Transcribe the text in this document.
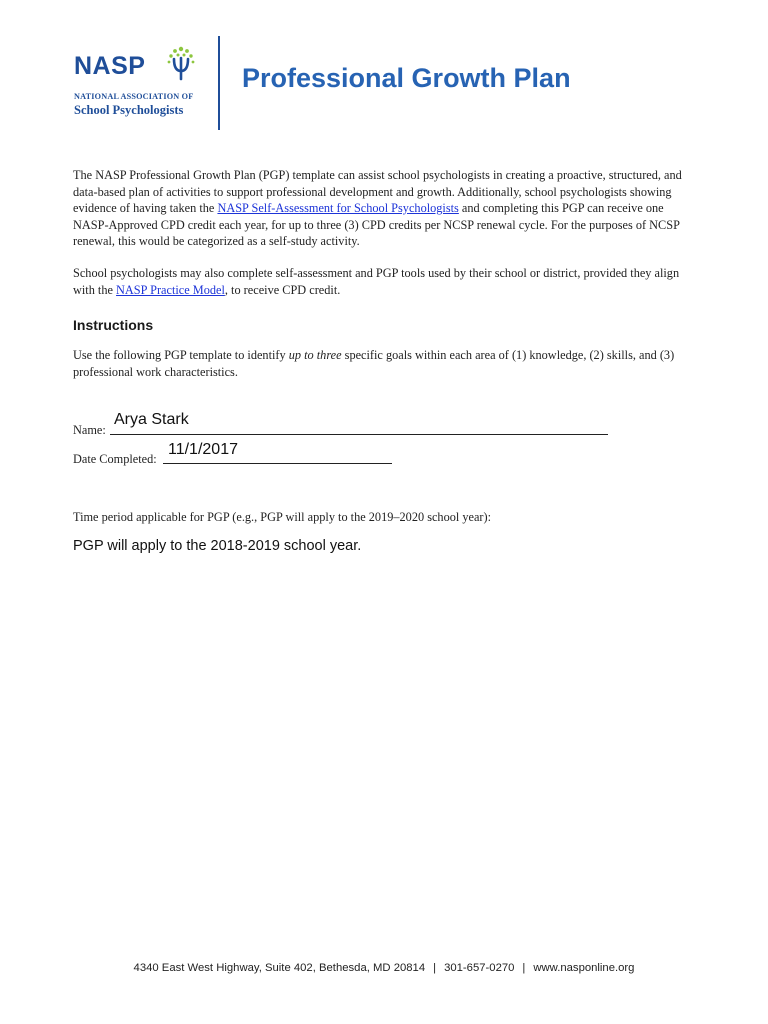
NASP
NATIONAL ASSOCIATION OF
School Psychologists
Professional Growth Plan
The NASP Professional Growth Plan (PGP) template can assist school psychologists in creating a proactive, structured, and data-based plan of activities to support professional development and growth. Additionally, school psychologists showing evidence of having taken the NASP Self-Assessment for School Psychologists and completing this PGP can receive one NASP-Approved CPD credit each year, for up to three (3) CPD credits per NCSP renewal cycle. For the purposes of NCSP renewal, this would be categorized as a self-study activity.
School psychologists may also complete self-assessment and PGP tools used by their school or district, provided they align with the NASP Practice Model, to receive CPD credit.
Instructions
Use the following PGP template to identify up to three specific goals within each area of (1) knowledge, (2) skills, and (3) professional work characteristics.
Name:
Arya Stark
Date Completed:
11/1/2017
Time period applicable for PGP (e.g., PGP will apply to the 2019–2020 school year):
PGP will apply to the 2018-2019 school year.
4340 East West Highway, Suite 402, Bethesda, MD 20814 | 301-657-0270 | www.nasponline.org
